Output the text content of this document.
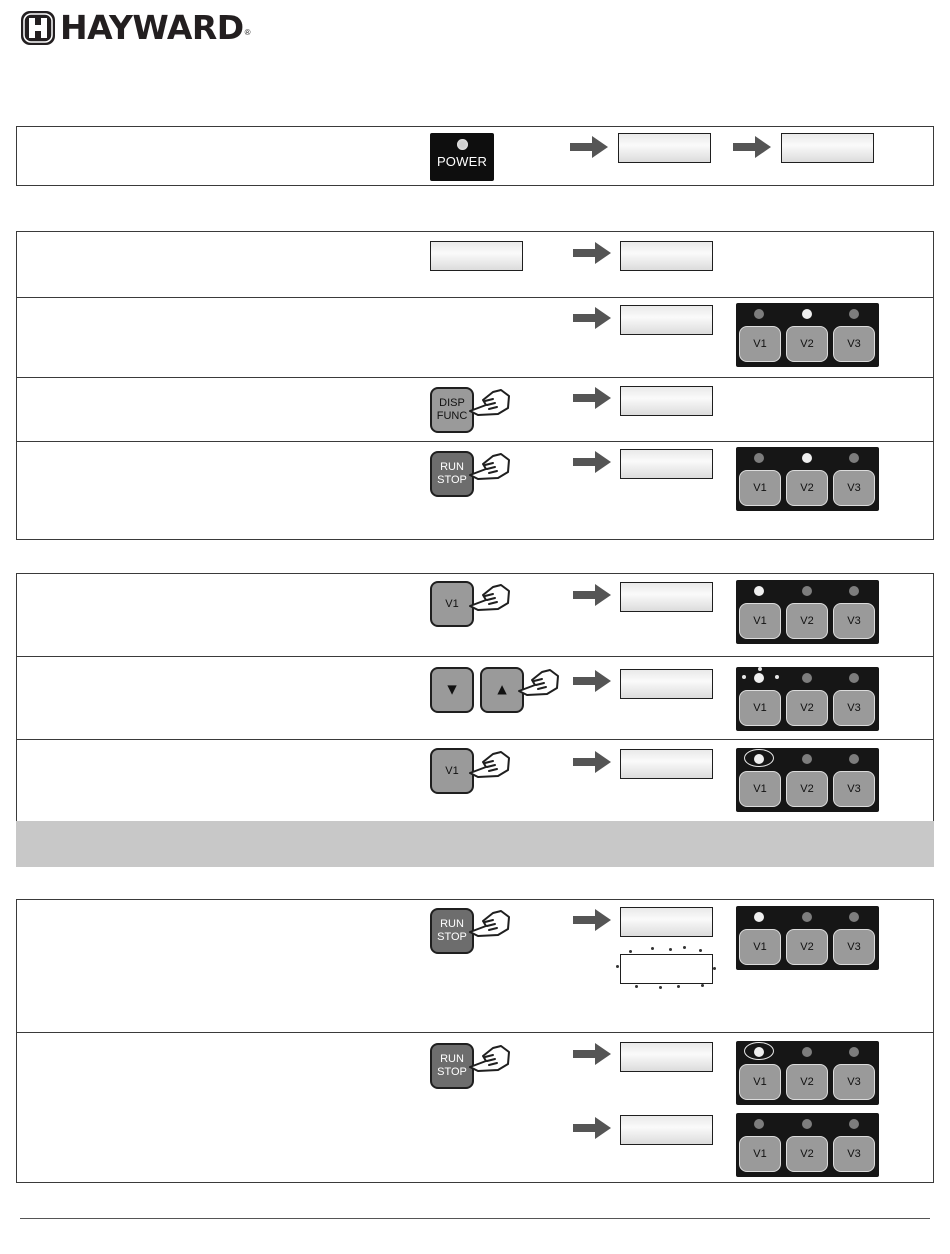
HAYWARD ®
POWER
V1	V2	V3
DISP
FUNC
RUN
STOP
V1	V2	V3
V1
V1	V2	V3
▼ ▲
V1	V2	V3
V1
V1	V2	V3
RUN
STOP
V1	V2	V3
RUN
STOP
V1	V2	V3
V1	V2	V3
